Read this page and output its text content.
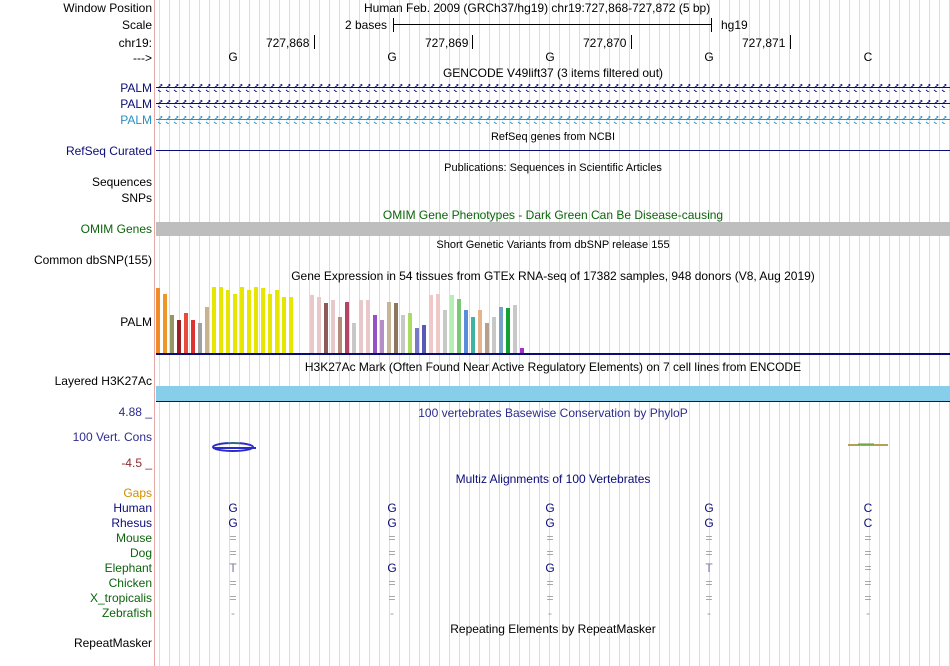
Window Position	Human Feb. 2009 (GRCh37/hg19) chr19:727,868-727,872 (5 bp)
Scale	2 bases	hg19
chr19:	727,868	727,869	727,870	727,871
--->	G	G	G	G	C
GENCODE V49lift37 (3 items filtered out)
PALM
PALM
PALM
RefSeq genes from NCBI
RefSeq Curated
Publications: Sequences in Scientific Articles
Sequences
SNPs
OMIM Gene Phenotypes - Dark Green Can Be Disease-causing
OMIM Genes
Short Genetic Variants from dbSNP release 155
Common dbSNP(155)
Gene Expression in 54 tissues from GTEx RNA-seq of 17382 samples, 948 donors (V8, Aug 2019)
PALM
H3K27Ac Mark (Often Found Near Active Regulatory Elements) on 7 cell lines from ENCODE
Layered H3K27Ac
4.88 _	100 vertebrates Basewise Conservation by PhyloP
100 Vert. Cons
-4.5 _
Multiz Alignments of 100 Vertebrates
Gaps
Human	G	G	G	G	C
Rhesus	G	G	G	G	C
Mouse	=	=	=	=	=
Dog	=	=	=	=	=
Elephant	T	G	G	T	=
Chicken	=	=	=	=	=
X_tropicalis	=	=	=	=	=
Zebrafish	-	-	-	-	-
Repeating Elements by RepeatMasker
RepeatMasker
